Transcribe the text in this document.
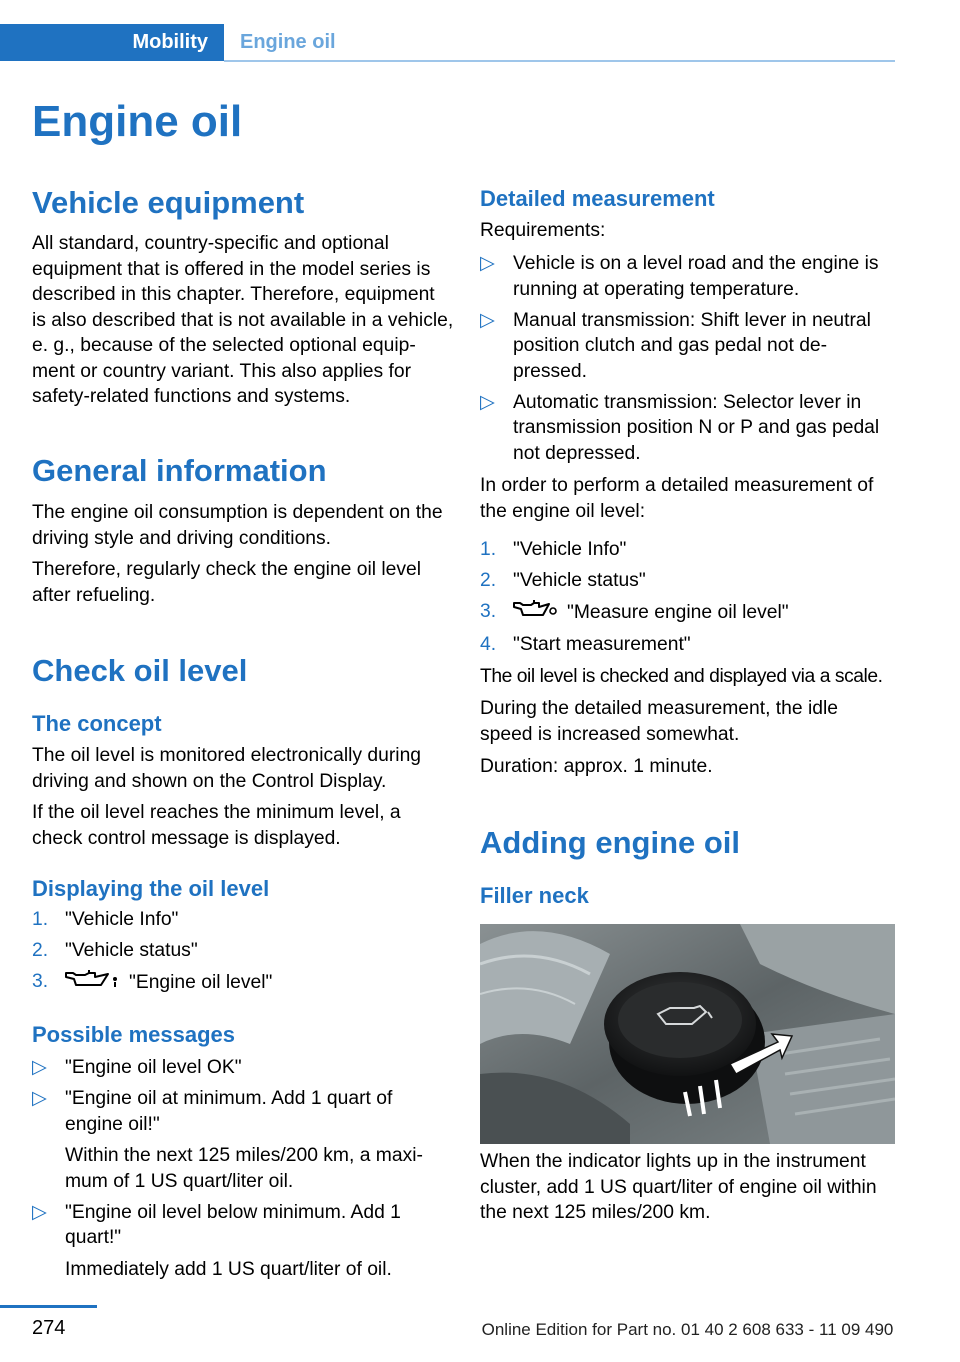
Mobility	Engine oil
Engine oil
Vehicle equipment
All standard, country-specific and optional
equipment that is offered in the model series is
described in this chapter. Therefore, equipment
is also described that is not available in a vehicle,
e. g., because of the selected optional equip‐
ment or country variant. This also applies for
safety-related functions and systems.
General information
The engine oil consumption is dependent on the
driving style and driving conditions.
Therefore, regularly check the engine oil level
after refueling.
Check oil level
The concept
The oil level is monitored electronically during
driving and shown on the Control Display.
If the oil level reaches the minimum level, a
check control message is displayed.
Displaying the oil level
1. "Vehicle Info"
2. "Vehicle status"
3.	"Engine oil level"
Possible messages
▷ "Engine oil level OK"
▷ "Engine oil at minimum. Add 1 quart of
engine oil!"
Within the next 125 miles/200 km, a maxi‐
mum of 1 US quart/liter oil.
▷ "Engine oil level below minimum. Add 1
quart!"
Immediately add 1 US quart/liter of oil.
Detailed measurement
Requirements:
▷ Vehicle is on a level road and the engine is
running at operating temperature.
▷ Manual transmission: Shift lever in neutral
position clutch and gas pedal not de‐
pressed.
▷ Automatic transmission: Selector lever in
transmission position N or P and gas pedal
not depressed.
In order to perform a detailed measurement of
the engine oil level:
1. "Vehicle Info"
2. "Vehicle status"
3.	"Measure engine oil level"
4. "Start measurement"
The oil level is checked and displayed via a scale.
During the detailed measurement, the idle
speed is increased somewhat.
Duration: approx. 1 minute.
Adding engine oil
Filler neck
When the indicator lights up in the instrument
cluster, add 1 US quart/liter of engine oil within
the next 125 miles/200 km.
274	Online Edition for Part no. 01 40 2 608 633 - 11 09 490
